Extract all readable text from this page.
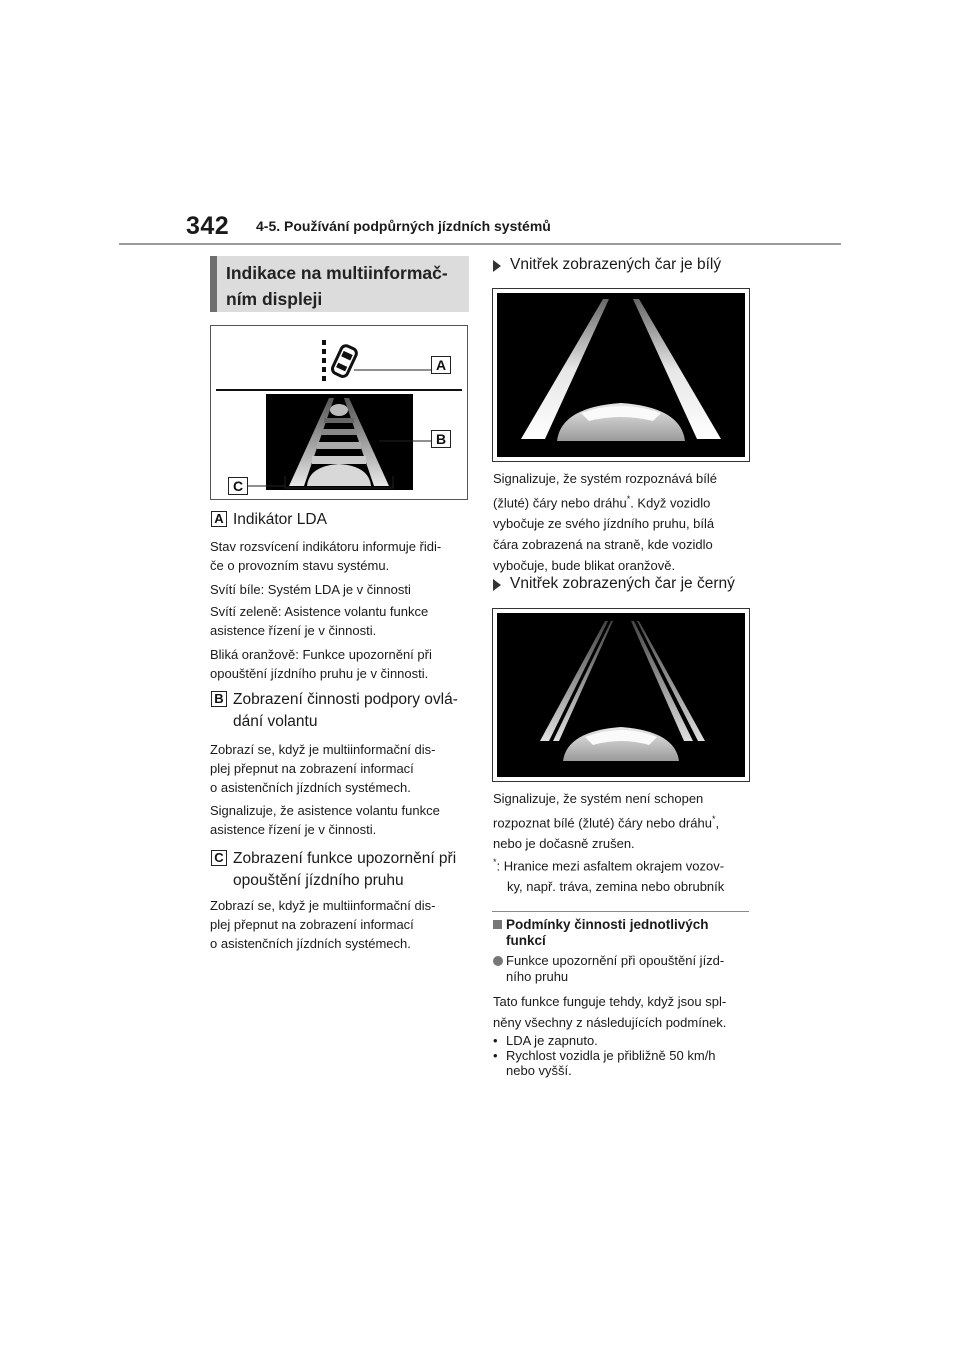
342 4-5. Používání podpůrných jízdních systémů
Indikace na multiinformač-
ním displeji
A
B
C
A Indikátor LDA
Stav rozsvícení indikátoru informuje řidi-
če o provozním stavu systému.
Svítí bíle: Systém LDA je v činnosti
Svítí zeleně: Asistence volantu funkce
asistence řízení je v činnosti.
Bliká oranžově: Funkce upozornění při
opouštění jízdního pruhu je v činnosti.
B Zobrazení činnosti podpory ovlá-
dání volantu
Zobrazí se, když je multiinformační dis-
plej přepnut na zobrazení informací
o asistenčních jízdních systémech.
Signalizuje, že asistence volantu funkce
asistence řízení je v činnosti.
C Zobrazení funkce upozornění při
opouštění jízdního pruhu
Zobrazí se, když je multiinformační dis-
plej přepnut na zobrazení informací
o asistenčních jízdních systémech.
Vnitřek zobrazených čar je bílý
Signalizuje, že systém rozpoznává bílé
(žluté) čáry nebo dráhu*. Když vozidlo
vybočuje ze svého jízdního pruhu, bílá
čára zobrazená na straně, kde vozidlo
vybočuje, bude blikat oranžově.
Vnitřek zobrazených čar je černý
Signalizuje, že systém není schopen
rozpoznat bílé (žluté) čáry nebo dráhu*,
nebo je dočasně zrušen.
*: Hranice mezi asfaltem okrajem vozov-
ky, např. tráva, zemina nebo obrubník
Podmínky činnosti jednotlivých
funkcí
Funkce upozornění při opouštění jízd-
ního pruhu
Tato funkce funguje tehdy, když jsou spl-
něny všechny z následujících podmínek.
• LDA je zapnuto.
• Rychlost vozidla je přibližně 50 km/h
nebo vyšší.
